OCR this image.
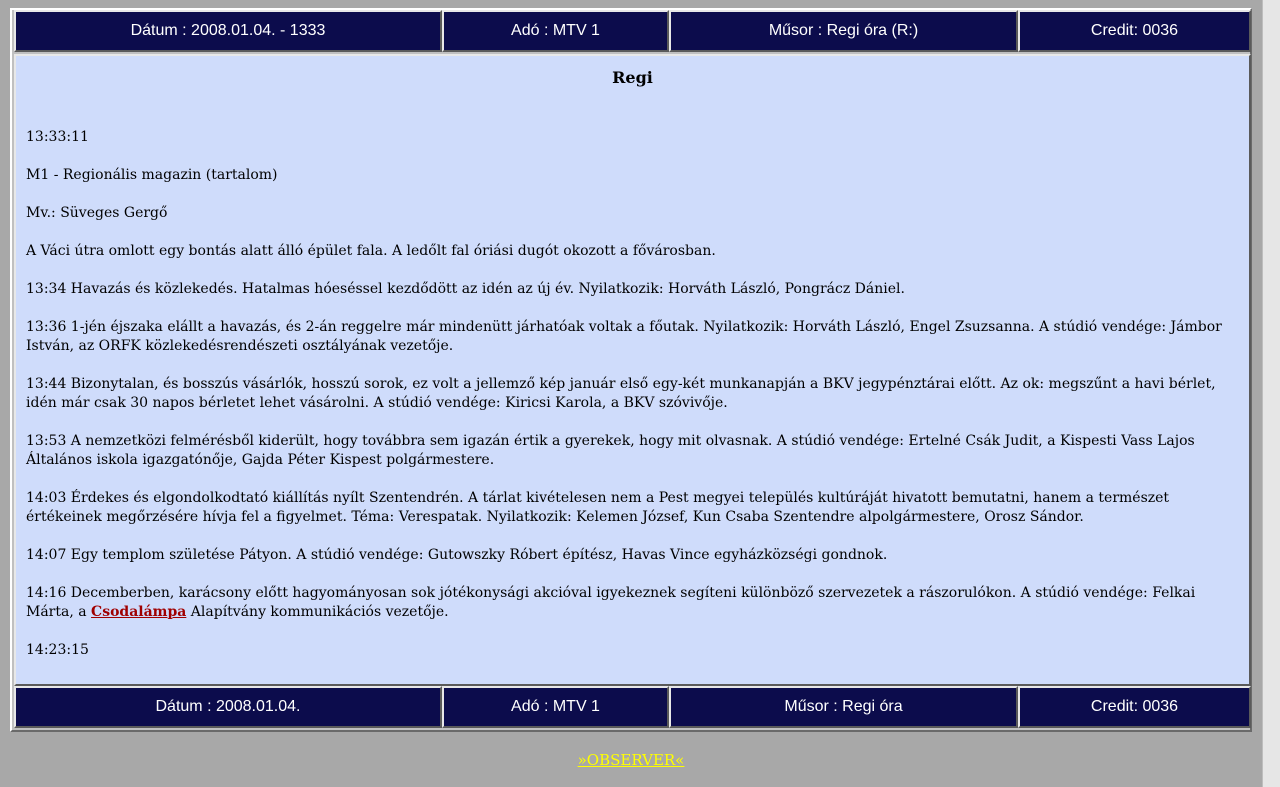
Dátum : 2008.01.04. - 1333	Adó : MTV 1	Műsor : Regi óra (R:)	Credit: 0036
Regi

13:33:11

M1 - Regionális magazin (tartalom)

Mv.: Süveges Gergő

A Váci útra omlott egy bontás alatt álló épület fala. A ledőlt fal óriási dugót okozott a fővárosban.

13:34 Havazás és közlekedés. Hatalmas hóeséssel kezdődött az idén az új év. Nyilatkozik: Horváth László, Pongrácz Dániel.

13:36 1-jén éjszaka elállt a havazás, és 2-án reggelre már mindenütt járhatóak voltak a főutak. Nyilatkozik: Horváth László, Engel Zsuzsanna. A stúdió vendége: Jámbor István, az ORFK közlekedésrendészeti osztályának vezetője.

13:44 Bizonytalan, és bosszús vásárlók, hosszú sorok, ez volt a jellemző kép január első egy-két munkanapján a BKV jegypénztárai előtt. Az ok: megszűnt a havi bérlet, idén már csak 30 napos bérletet lehet vásárolni. A stúdió vendége: Kiricsi Karola, a BKV szóvivője.

13:53 A nemzetközi felmérésből kiderült, hogy továbbra sem igazán értik a gyerekek, hogy mit olvasnak. A stúdió vendége: Ertelné Csák Judit, a Kispesti Vass Lajos Általános iskola igazgatónője, Gajda Péter Kispest polgármestere.

14:03 Érdekes és elgondolkodtató kiállítás nyílt Szentendrén. A tárlat kivételesen nem a Pest megyei település kultúráját hivatott bemutatni, hanem a természet értékeinek megőrzésére hívja fel a figyelmet. Téma: Verespatak. Nyilatkozik: Kelemen József, Kun Csaba Szentendre alpolgármestere, Orosz Sándor.

14:07 Egy templom születése Pátyon. A stúdió vendége: Gutowszky Róbert építész, Havas Vince egyházközségi gondnok.

14:16 Decemberben, karácsony előtt hagyományosan sok jótékonysági akcióval igyekeznek segíteni különböző szervezetek a rászorulókon. A stúdió vendége: Felkai Márta, a Csodalámpa Alapítvány kommunikációs vezetője.

14:23:15

Dátum : 2008.01.04.	Adó : MTV 1	Műsor : Regi óra	Credit: 0036
»OBSERVER«
